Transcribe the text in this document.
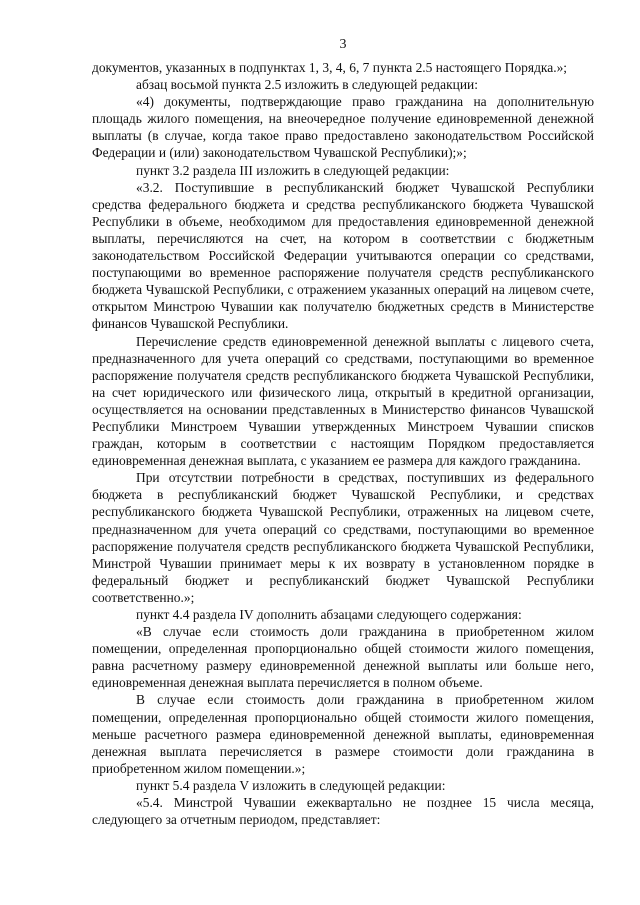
3

документов, указанных в подпунктах 1, 3, 4, 6, 7 пункта 2.5 настоящего Порядка.»;

абзац восьмой пункта 2.5 изложить в следующей редакции:

«4) документы, подтверждающие право гражданина на дополнительную площадь жилого помещения, на внеочередное получение единовременной денежной выплаты (в случае, когда такое право предоставлено законодательством Российской Федерации и (или) законодательством Чувашской Республики);»;

пункт 3.2 раздела III изложить в следующей редакции:

«3.2. Поступившие в республиканский бюджет Чувашской Республики средства федерального бюджета и средства республиканского бюджета Чувашской Республики в объеме, необходимом для предоставления единовременной денежной выплаты, перечисляются на счет, на котором в соответствии с бюджетным законодательством Российской Федерации учитываются операции со средствами, поступающими во временное распоряжение получателя средств республиканского бюджета Чувашской Республики, с отражением указанных операций на лицевом счете, открытом Минстрою Чувашии как получателю бюджетных средств в Министерстве финансов Чувашской Республики.

Перечисление средств единовременной денежной выплаты с лицевого счета, предназначенного для учета операций со средствами, поступающими во временное распоряжение получателя средств республиканского бюджета Чувашской Республики, на счет юридического или физического лица, открытый в кредитной организации, осуществляется на основании представленных в Министерство финансов Чувашской Республики Минстроем Чувашии утвержденных Минстроем Чувашии списков граждан, которым в соответствии с настоящим Порядком предоставляется единовременная денежная выплата, с указанием ее размера для каждого гражданина.

При отсутствии потребности в средствах, поступивших из федерального бюджета в республиканский бюджет Чувашской Республики, и средствах республиканского бюджета Чувашской Республики, отраженных на лицевом счете, предназначенном для учета операций со средствами, поступающими во временное распоряжение получателя средств республиканского бюджета Чувашской Республики, Минстрой Чувашии принимает меры к их возврату в установленном порядке в федеральный бюджет и республиканский бюджет Чувашской Республики соответственно.»;

пункт 4.4 раздела IV дополнить абзацами следующего содержания:

«В случае если стоимость доли гражданина в приобретенном жилом помещении, определенная пропорционально общей стоимости жилого помещения, равна расчетному размеру единовременной денежной выплаты или больше него, единовременная денежная выплата перечисляется в полном объеме.

В случае если стоимость доли гражданина в приобретенном жилом помещении, определенная пропорционально общей стоимости жилого помещения, меньше расчетного размера единовременной денежной выплаты, единовременная денежная выплата перечисляется в размере стоимости доли гражданина в приобретенном жилом помещении.»;

пункт 5.4 раздела V изложить в следующей редакции:

«5.4. Минстрой Чувашии ежеквартально не позднее 15 числа месяца, следующего за отчетным периодом, представляет:
